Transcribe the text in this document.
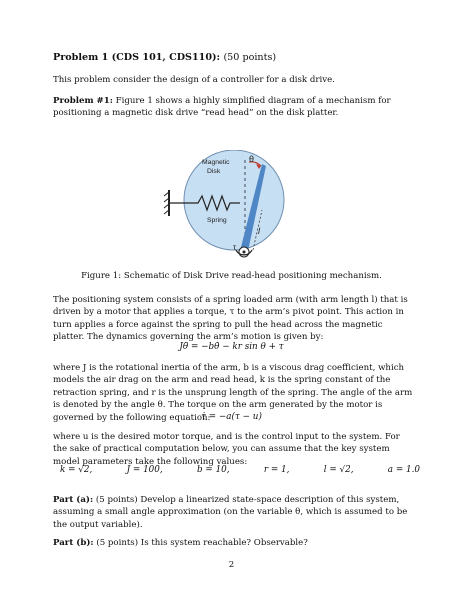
Problem 1 (CDS 101, CDS110): (50 points)
This problem consider the design of a controller for a disk drive.
Problem #1: Figure 1 shows a highly simplified diagram of a mechanism for positioning a magnetic disk drive “read head” on the disk platter.
Magnetic
Disk
Spring
θ
τ
l
Figure 1: Schematic of Disk Drive read-head positioning mechanism.
The positioning system consists of a spring loaded arm (with arm length l) that is driven by a motor that applies a torque, τ to the arm’s pivot point. This action in turn applies a force against the spring to pull the head across the magnetic platter. The dynamics governing the arm’s motion is given by:
Jθ̈ = −bθ̇ − kr sin θ + τ
where J is the rotational inertia of the arm, b is a viscous drag coefficient, which models the air drag on the arm and read head, k is the spring constant of the retraction spring, and r is the unsprung length of the spring. The angle of the arm is denoted by the angle θ. The torque on the arm generated by the motor is governed by the following equation:
τ̇ = −a(τ − u)
where u is the desired motor torque, and is the control input to the system. For the sake of practical computation below, you can assume that the key system model parameters take the following values:
k = √2,	J = 100,	b = 10,	r = 1,	l = √2,	a = 1.0
Part (a): (5 points) Develop a linearized state-space description of this system, assuming a small angle approximation (on the variable θ, which is assumed to be the output variable).
Part (b): (5 points) Is this system reachable? Observable?
2
